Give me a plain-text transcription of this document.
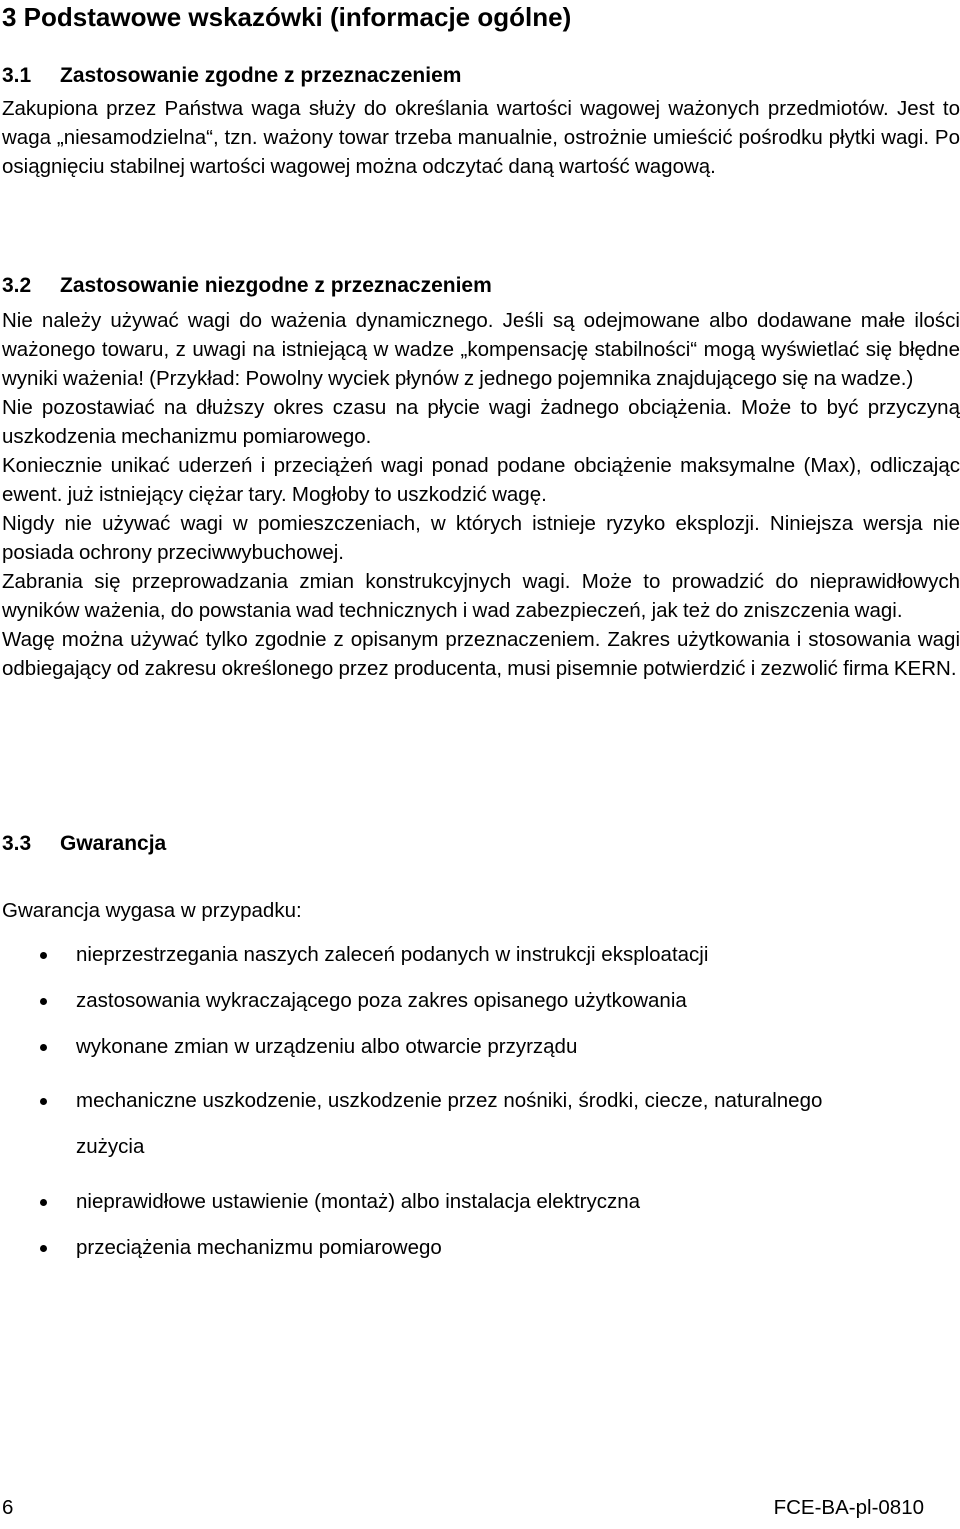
3 Podstawowe wskazówki (informacje ogólne)
3.1 Zastosowanie zgodne z przeznaczeniem

Zakupiona przez Państwa waga służy do określania wartości wagowej ważonych przedmiotów. Jest to waga „niesamodzielna“, tzn. ważony towar trzeba manualnie, ostrożnie umieścić pośrodku płytki wagi. Po osiągnięciu stabilnej wartości wagowej można odczytać daną wartość wagową.

3.2 Zastosowanie niezgodne z przeznaczeniem

Nie należy używać wagi do ważenia dynamicznego. Jeśli są odejmowane albo dodawane małe ilości ważonego towaru, z uwagi na istniejącą w wadze „kompensację stabilności“ mogą wyświetlać się błędne wyniki ważenia! (Przykład: Powolny wyciek płynów z jednego pojemnika znajdującego się na wadze.)

Nie pozostawiać na dłuższy okres czasu na płycie wagi żadnego obciążenia. Może to być przyczyną uszkodzenia mechanizmu pomiarowego.

Koniecznie unikać uderzeń i przeciążeń wagi ponad podane obciążenie maksymalne (Max), odliczając ewent. już istniejący ciężar tary. Mogłoby to uszkodzić wagę.

Nigdy nie używać wagi w pomieszczeniach, w których istnieje ryzyko eksplozji. Niniejsza wersja nie posiada ochrony przeciwwybuchowej.

Zabrania się przeprowadzania zmian konstrukcyjnych wagi. Może to prowadzić do nieprawidłowych wyników ważenia, do powstania wad technicznych i wad zabezpieczeń, jak też do zniszczenia wagi.

Wagę można używać tylko zgodnie z opisanym przeznaczeniem. Zakres użytkowania i stosowania wagi odbiegający od zakresu określonego przez producenta, musi pisemnie potwierdzić i zezwolić firma KERN.

3.3 Gwarancja

Gwarancja wygasa w przypadku:

nieprzestrzegania naszych zaleceń podanych w instrukcji eksploatacji
zastosowania wykraczającego poza zakres opisanego użytkowania
wykonane zmian w urządzeniu albo otwarcie przyrządu
mechaniczne uszkodzenie, uszkodzenie przez nośniki, środki, ciecze, naturalnego zużycia
nieprawidłowe ustawienie (montaż) albo instalacja elektryczna
przeciążenia mechanizmu pomiarowego
6	FCE-BA-pl-0810
